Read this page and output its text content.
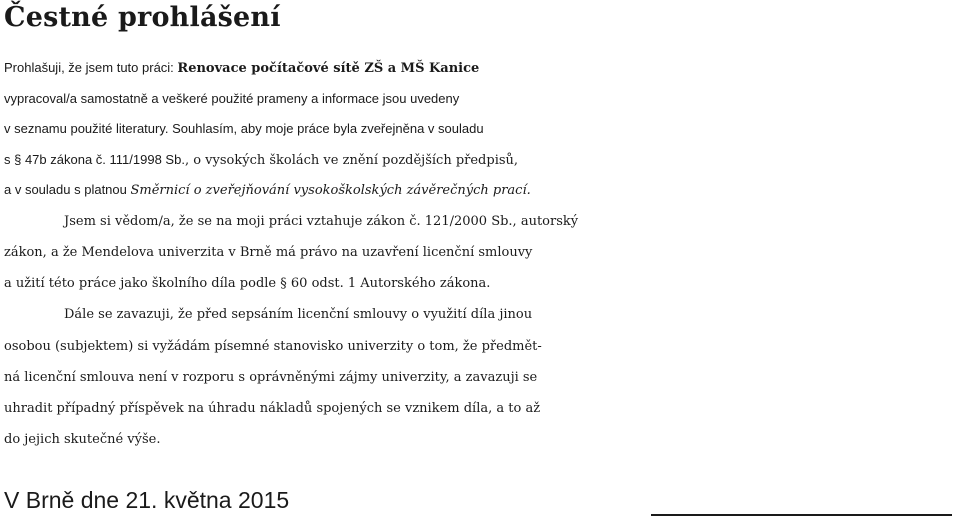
Čestné prohlášení
Prohlašuji, že jsem tuto práci: Renovace počítačové sítě ZŠ a MŠ Kanice
vypracoval/a samostatně a veškeré použité prameny a informace jsou uvedeny
v seznamu použité literatury. Souhlasím, aby moje práce byla zveřejněna v souladu
s § 47b zákona č. 111/1998 Sb., o vysokých školách ve znění pozdějších předpisů,
a v souladu s platnou Směrnicí o zveřejňování vysokoškolských závěrečných prací.
Jsem si vědom/a, že se na moji práci vztahuje zákon č. 121/2000 Sb., autorský
zákon, a že Mendelova univerzita v Brně má právo na uzavření licenční smlouvy
a užití této práce jako školního díla podle § 60 odst. 1 Autorského zákona.
Dále se zavazuji, že před sepsáním licenční smlouvy o využití díla jinou
osobou (subjektem) si vyžádám písemné stanovisko univerzity o tom, že předmět-
ná licenční smlouva není v rozporu s oprávněnými zájmy univerzity, a zavazuji se
uhradit případný příspěvek na úhradu nákladů spojených se vznikem díla, a to až
do jejich skutečné výše.
V Brně dne 21. května 2015
